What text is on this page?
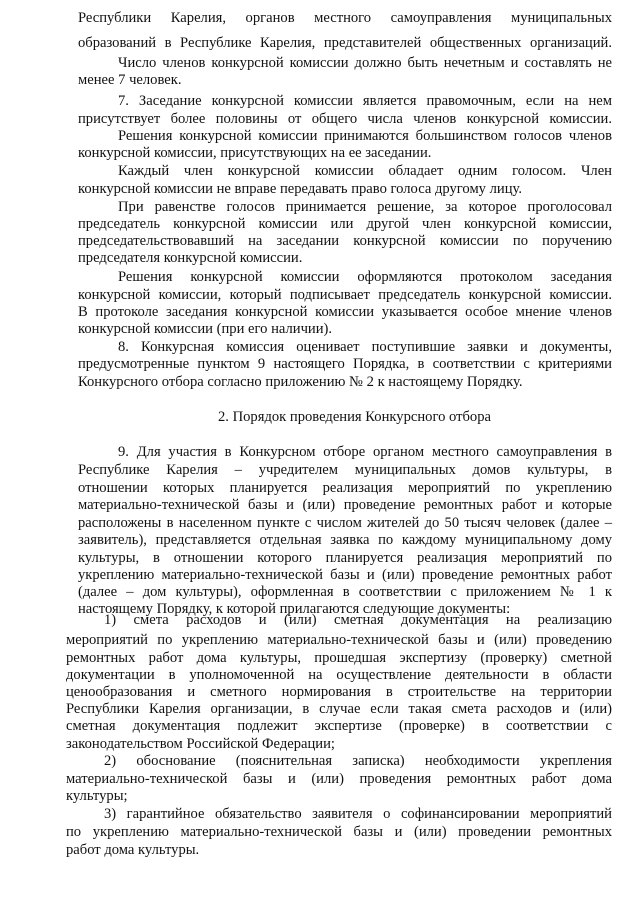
Республики Карелия, органов местного самоуправления муниципальных
образований в Республике Карелия, представителей общественных организаций.
Число членов конкурсной комиссии должно быть нечетным и составлять не
менее 7 человек.
7. Заседание конкурсной комиссии является правомочным, если на нем
присутствует более половины от общего числа членов конкурсной комиссии.
Решения конкурсной комиссии принимаются большинством голосов членов
конкурсной комиссии, присутствующих на ее заседании.
Каждый член конкурсной комиссии обладает одним голосом. Член
конкурсной комиссии не вправе передавать право голоса другому лицу.
При равенстве голосов принимается решение, за которое проголосовал
председатель конкурсной комиссии или другой член конкурсной комиссии,
председательствовавший на заседании конкурсной комиссии по поручению
председателя конкурсной комиссии.
Решения конкурсной комиссии оформляются протоколом заседания
конкурсной комиссии, который подписывает председатель конкурсной комиссии.
В протоколе заседания конкурсной комиссии указывается особое мнение членов
конкурсной комиссии (при его наличии).
8. Конкурсная комиссия оценивает поступившие заявки и документы,
предусмотренные пунктом 9 настоящего Порядка, в соответствии с критериями
Конкурсного отбора согласно приложению № 2 к настоящему Порядку.
2. Порядок проведения Конкурсного отбора
9. Для участия в Конкурсном отборе органом местного самоуправления в
Республике Карелия – учредителем муниципальных домов культуры, в
отношении которых планируется реализация мероприятий по укреплению
материально-технической базы и (или) проведение ремонтных работ и которые
расположены в населенном пункте с числом жителей до 50 тысяч человек (далее –
заявитель), представляется отдельная заявка по каждому муниципальному дому
культуры, в отношении которого планируется реализация мероприятий по
укреплению материально-технической базы и (или) проведение ремонтных работ
(далее – дом культуры), оформленная в соответствии с приложением № 1 к
настоящему Порядку, к которой прилагаются следующие документы:
1) смета расходов и (или) сметная документация на реализацию
мероприятий по укреплению материально-технической базы и (или) проведению
ремонтных работ дома культуры, прошедшая экспертизу (проверку) сметной
документации в уполномоченной на осуществление деятельности в области
ценообразования и сметного нормирования в строительстве на территории
Республики Карелия организации, в случае если такая смета расходов и (или)
сметная документация подлежит экспертизе (проверке) в соответствии с
законодательством Российской Федерации;
2) обоснование (пояснительная записка) необходимости укрепления
материально-технической базы и (или) проведения ремонтных работ дома
культуры;
3) гарантийное обязательство заявителя о софинансировании мероприятий
по укреплению материально-технической базы и (или) проведении ремонтных
работ дома культуры.
